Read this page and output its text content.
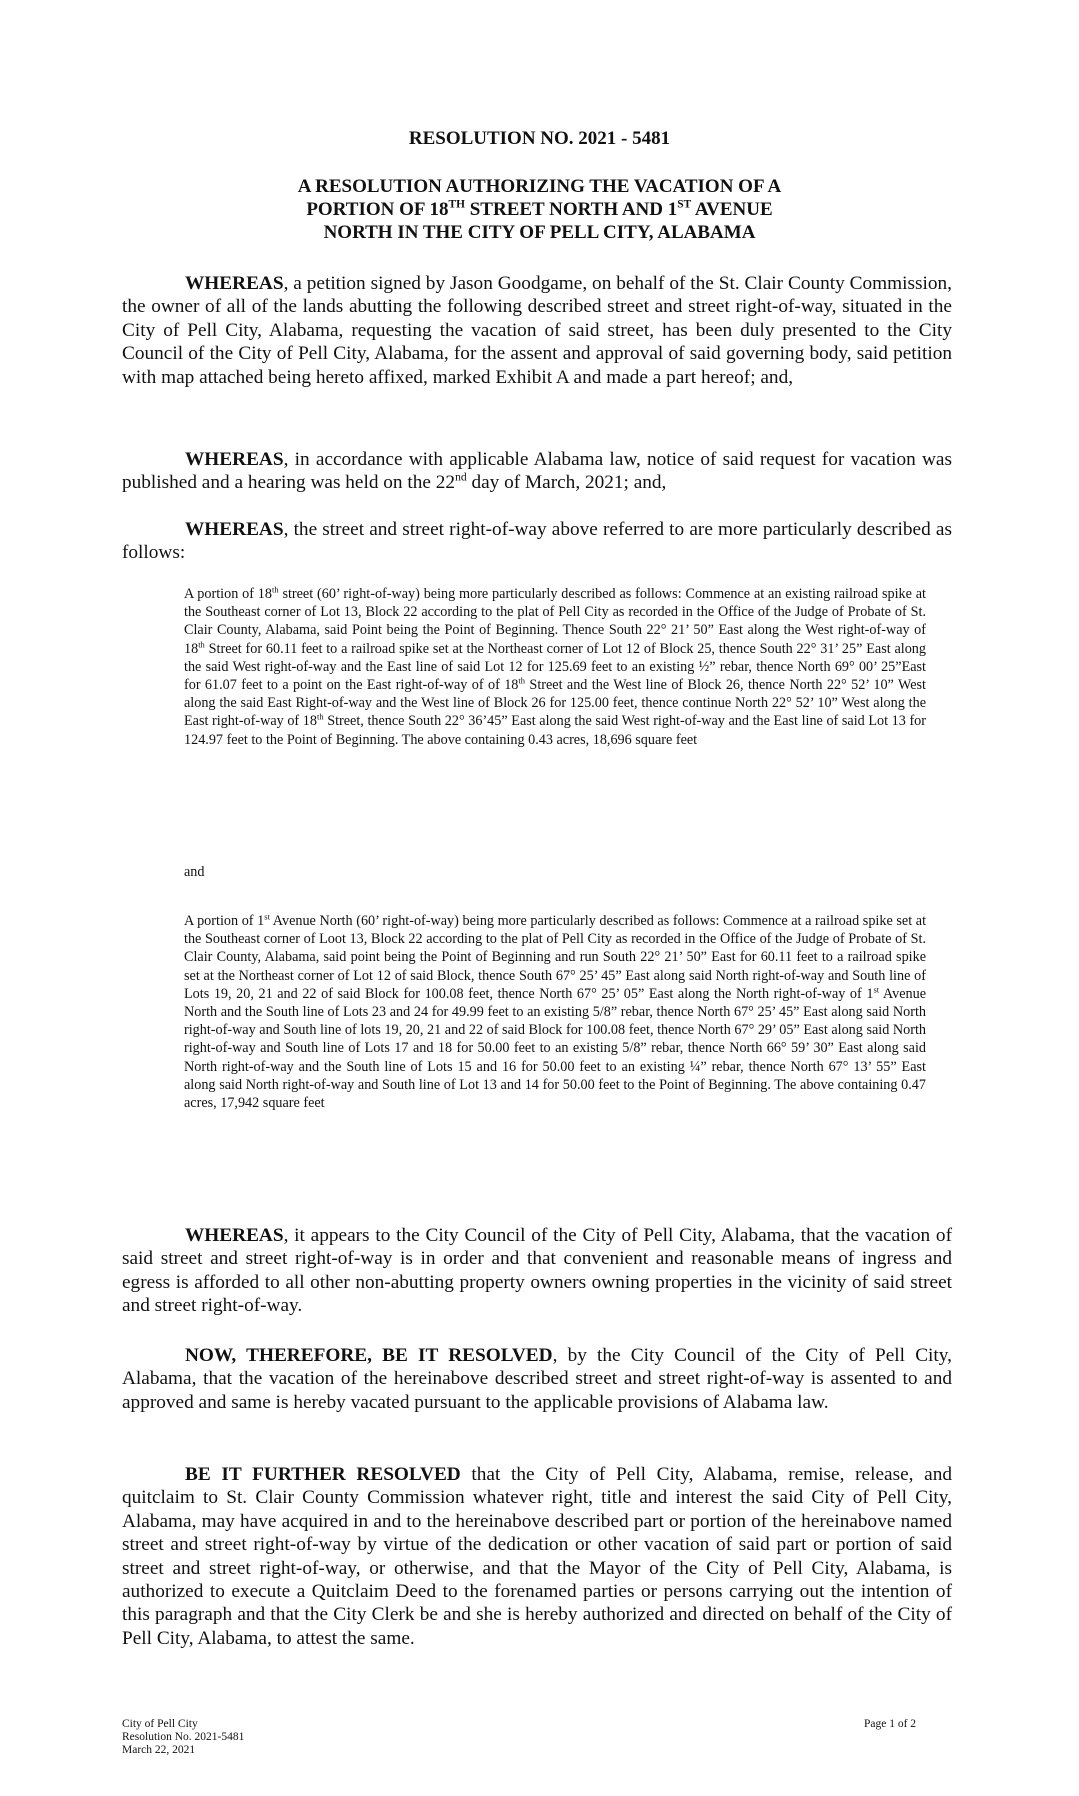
RESOLUTION NO. 2021 - 5481
A RESOLUTION AUTHORIZING THE VACATION OF A
PORTION OF 18TH STREET NORTH AND 1ST AVENUE
NORTH IN THE CITY OF PELL CITY, ALABAMA

WHEREAS, a petition signed by Jason Goodgame, on behalf of the St. Clair County Commission, the owner of all of the lands abutting the following described street and street right-of-way, situated in the City of Pell City, Alabama, requesting the vacation of said street, has been duly presented to the City Council of the City of Pell City, Alabama, for the assent and approval of said governing body, said petition with map attached being hereto affixed, marked Exhibit A and made a part hereof; and,

WHEREAS, in accordance with applicable Alabama law, notice of said request for vacation was published and a hearing was held on the 22nd day of March, 2021; and,

WHEREAS, the street and street right-of-way above referred to are more particularly described as follows:

A portion of 18th street (60’ right-of-way) being more particularly described as follows: Commence at an existing railroad spike at the Southeast corner of Lot 13, Block 22 according to the plat of Pell City as recorded in the Office of the Judge of Probate of St. Clair County, Alabama, said Point being the Point of Beginning. Thence South 22° 21’ 50” East along the West right-of-way of 18th Street for 60.11 feet to a railroad spike set at the Northeast corner of Lot 12 of Block 25, thence South 22° 31’ 25” East along the said West right-of-way and the East line of said Lot 12 for 125.69 feet to an existing ½” rebar, thence North 69° 00’ 25”East for 61.07 feet to a point on the East right-of-way of of 18th Street and the West line of Block 26, thence North 22° 52’ 10” West along the said East Right-of-way and the West line of Block 26 for 125.00 feet, thence continue North 22° 52’ 10” West along the East right-of-way of 18th Street, thence South 22° 36’45” East along the said West right-of-way and the East line of said Lot 13 for 124.97 feet to the Point of Beginning. The above containing 0.43 acres, 18,696 square feet

and

A portion of 1st Avenue North (60’ right-of-way) being more particularly described as follows: Commence at a railroad spike set at the Southeast corner of Loot 13, Block 22 according to the plat of Pell City as recorded in the Office of the Judge of Probate of St. Clair County, Alabama, said point being the Point of Beginning and run South 22° 21’ 50” East for 60.11 feet to a railroad spike set at the Northeast corner of Lot 12 of said Block, thence South 67° 25’ 45” East along said North right-of-way and South line of Lots 19, 20, 21 and 22 of said Block for 100.08 feet, thence North 67° 25’ 05” East along the North right-of-way of 1st Avenue North and the South line of Lots 23 and 24 for 49.99 feet to an existing 5/8” rebar, thence North 67° 25’ 45” East along said North right-of-way and South line of lots 19, 20, 21 and 22 of said Block for 100.08 feet, thence North 67° 29’ 05” East along said North right-of-way and South line of Lots 17 and 18 for 50.00 feet to an existing 5/8” rebar, thence North 66° 59’ 30” East along said North right-of-way and the South line of Lots 15 and 16 for 50.00 feet to an existing ¼” rebar, thence North 67° 13’ 55” East along said North right-of-way and South line of Lot 13 and 14 for 50.00 feet to the Point of Beginning. The above containing 0.47 acres, 17,942 square feet

WHEREAS, it appears to the City Council of the City of Pell City, Alabama, that the vacation of said street and street right-of-way is in order and that convenient and reasonable means of ingress and egress is afforded to all other non-abutting property owners owning properties in the vicinity of said street and street right-of-way.

NOW, THEREFORE, BE IT RESOLVED, by the City Council of the City of Pell City, Alabama, that the vacation of the hereinabove described street and street right-of-way is assented to and approved and same is hereby vacated pursuant to the applicable provisions of Alabama law.

BE IT FURTHER RESOLVED that the City of Pell City, Alabama, remise, release, and quitclaim to St. Clair County Commission whatever right, title and interest the said City of Pell City, Alabama, may have acquired in and to the hereinabove described part or portion of the hereinabove named street and street right-of-way by virtue of the dedication or other vacation of said part or portion of said street and street right-of-way, or otherwise, and that the Mayor of the City of Pell City, Alabama, is authorized to execute a Quitclaim Deed to the forenamed parties or persons carrying out the intention of this paragraph and that the City Clerk be and she is hereby authorized and directed on behalf of the City of Pell City, Alabama, to attest the same.

City of Pell City
Resolution No. 2021-5481
March 22, 2021
Page 1 of 2
